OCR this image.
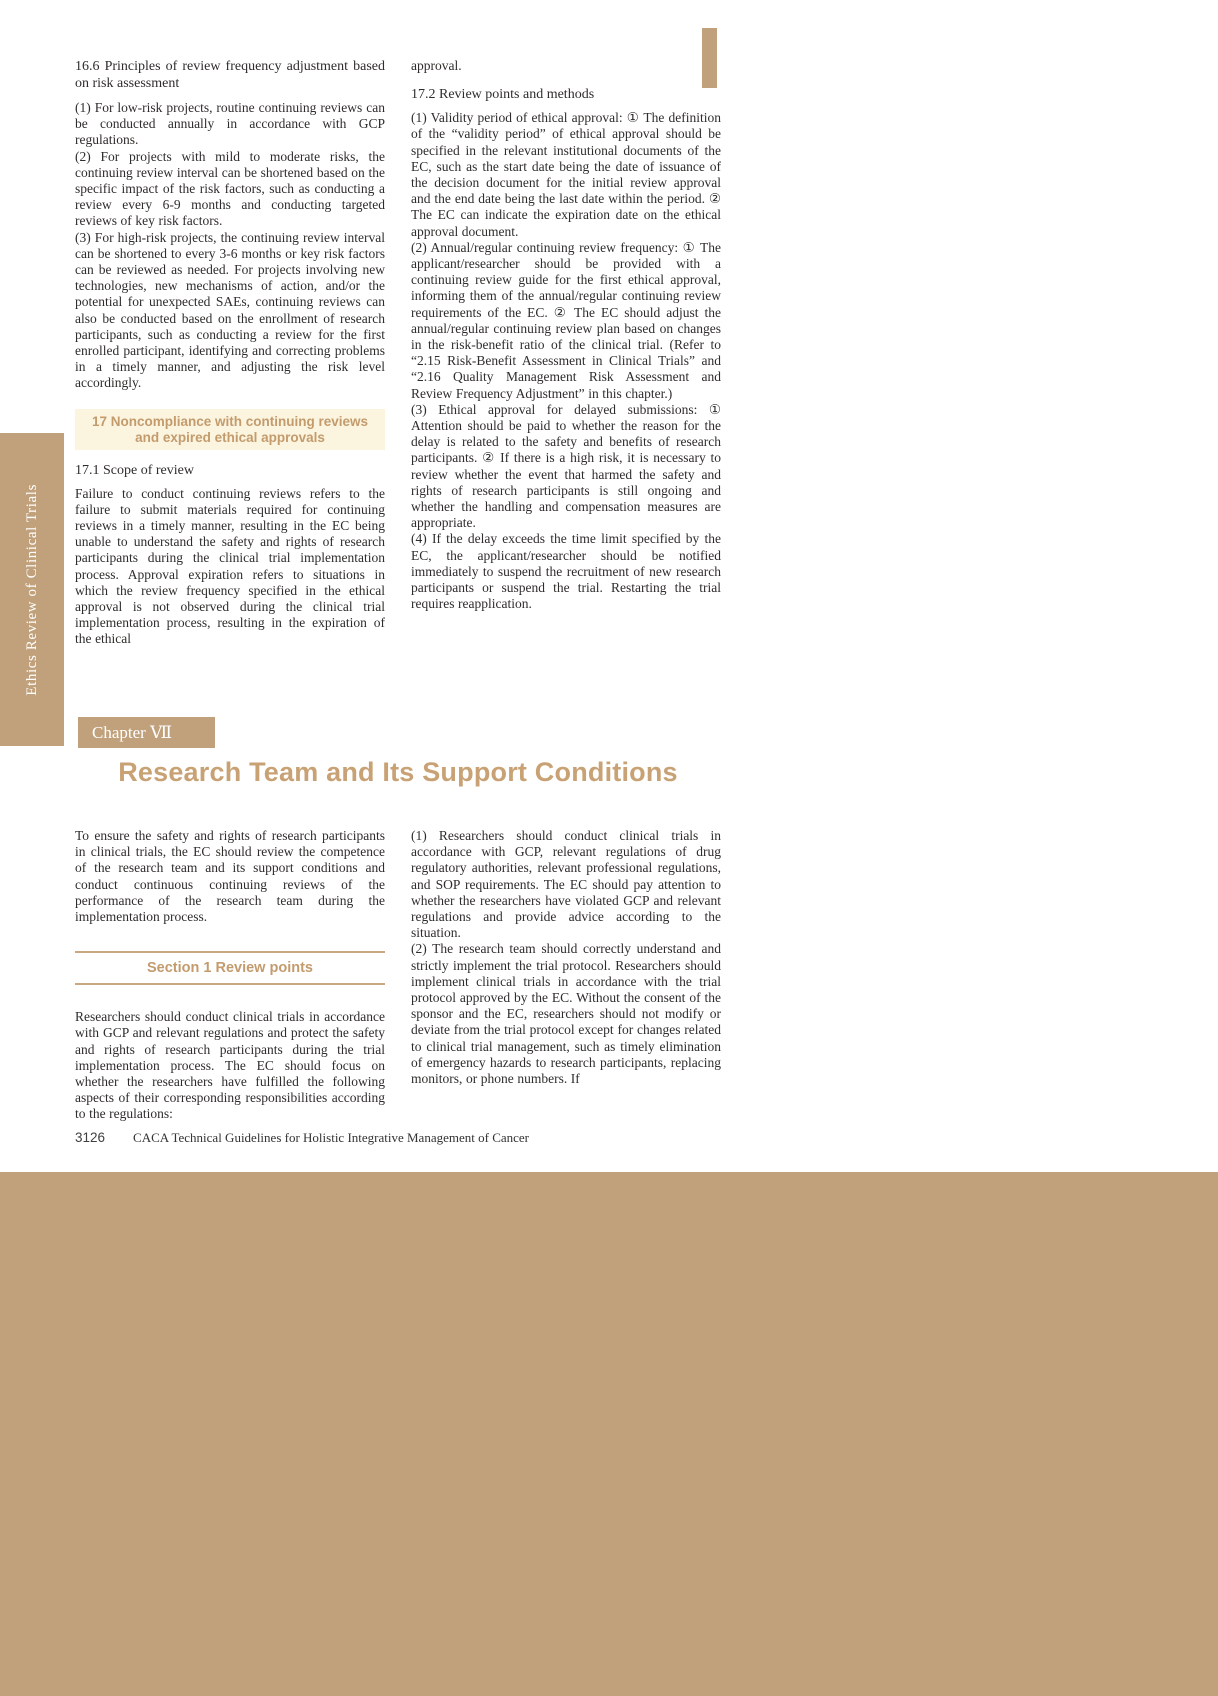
Ethics Review of Clinical Trials
16.6 Principles of review frequency adjustment based on risk assessment

(1) For low-risk projects, routine continuing reviews can be conducted annually in accordance with GCP regulations.

(2) For projects with mild to moderate risks, the continuing review interval can be shortened based on the specific impact of the risk factors, such as conducting a review every 6-9 months and conducting targeted reviews of key risk factors.

(3) For high-risk projects, the continuing review interval can be shortened to every 3-6 months or key risk factors can be reviewed as needed. For projects involving new technologies, new mechanisms of action, and/or the potential for unexpected SAEs, continuing reviews can also be conducted based on the enrollment of research participants, such as conducting a review for the first enrolled participant, identifying and correcting problems in a timely manner, and adjusting the risk level accordingly.

17 Noncompliance with continuing reviews and expired ethical approvals
17.1 Scope of review

Failure to conduct continuing reviews refers to the failure to submit materials required for continuing reviews in a timely manner, resulting in the EC being unable to understand the safety and rights of research participants during the clinical trial implementation process. Approval expiration refers to situations in which the review frequency specified in the ethical approval is not observed during the clinical trial implementation process, resulting in the expiration of the ethical

approval.

17.2 Review points and methods

(1) Validity period of ethical approval: ① The definition of the “validity period” of ethical approval should be specified in the relevant institutional documents of the EC, such as the start date being the date of issuance of the decision document for the initial review approval and the end date being the last date within the period. ② The EC can indicate the expiration date on the ethical approval document.

(2) Annual/regular continuing review frequency: ① The applicant/researcher should be provided with a continuing review guide for the first ethical approval, informing them of the annual/regular continuing review requirements of the EC. ② The EC should adjust the annual/regular continuing review plan based on changes in the risk-benefit ratio of the clinical trial. (Refer to “2.15 Risk-Benefit Assessment in Clinical Trials” and “2.16 Quality Management Risk Assessment and Review Frequency Adjustment” in this chapter.)

(3) Ethical approval for delayed submissions: ① Attention should be paid to whether the reason for the delay is related to the safety and benefits of research participants. ② If there is a high risk, it is necessary to review whether the event that harmed the safety and rights of research participants is still ongoing and whether the handling and compensation measures are appropriate.

(4) If the delay exceeds the time limit specified by the EC, the applicant/researcher should be notified immediately to suspend the recruitment of new research participants or suspend the trial. Restarting the trial requires reapplication.

Chapter Ⅶ
Research Team and Its Support Conditions

To ensure the safety and rights of research participants in clinical trials, the EC should review the competence of the research team and its support conditions and conduct continuous continuing reviews of the performance of the research team during the implementation process.

Section 1 Review points

Researchers should conduct clinical trials in accordance with GCP and relevant regulations and protect the safety and rights of research participants during the trial implementation process. The EC should focus on whether the researchers have fulfilled the following aspects of their corresponding responsibilities according to the regulations:

(1) Researchers should conduct clinical trials in accordance with GCP, relevant regulations of drug regulatory authorities, relevant professional regulations, and SOP requirements. The EC should pay attention to whether the researchers have violated GCP and relevant regulations and provide advice according to the situation.

(2) The research team should correctly understand and strictly implement the trial protocol. Researchers should implement clinical trials in accordance with the trial protocol approved by the EC. Without the consent of the sponsor and the EC, researchers should not modify or deviate from the trial protocol except for changes related to clinical trial management, such as timely elimination of emergency hazards to research participants, replacing monitors, or phone numbers. If

3126 CACA Technical Guidelines for Holistic Integrative Management of Cancer
